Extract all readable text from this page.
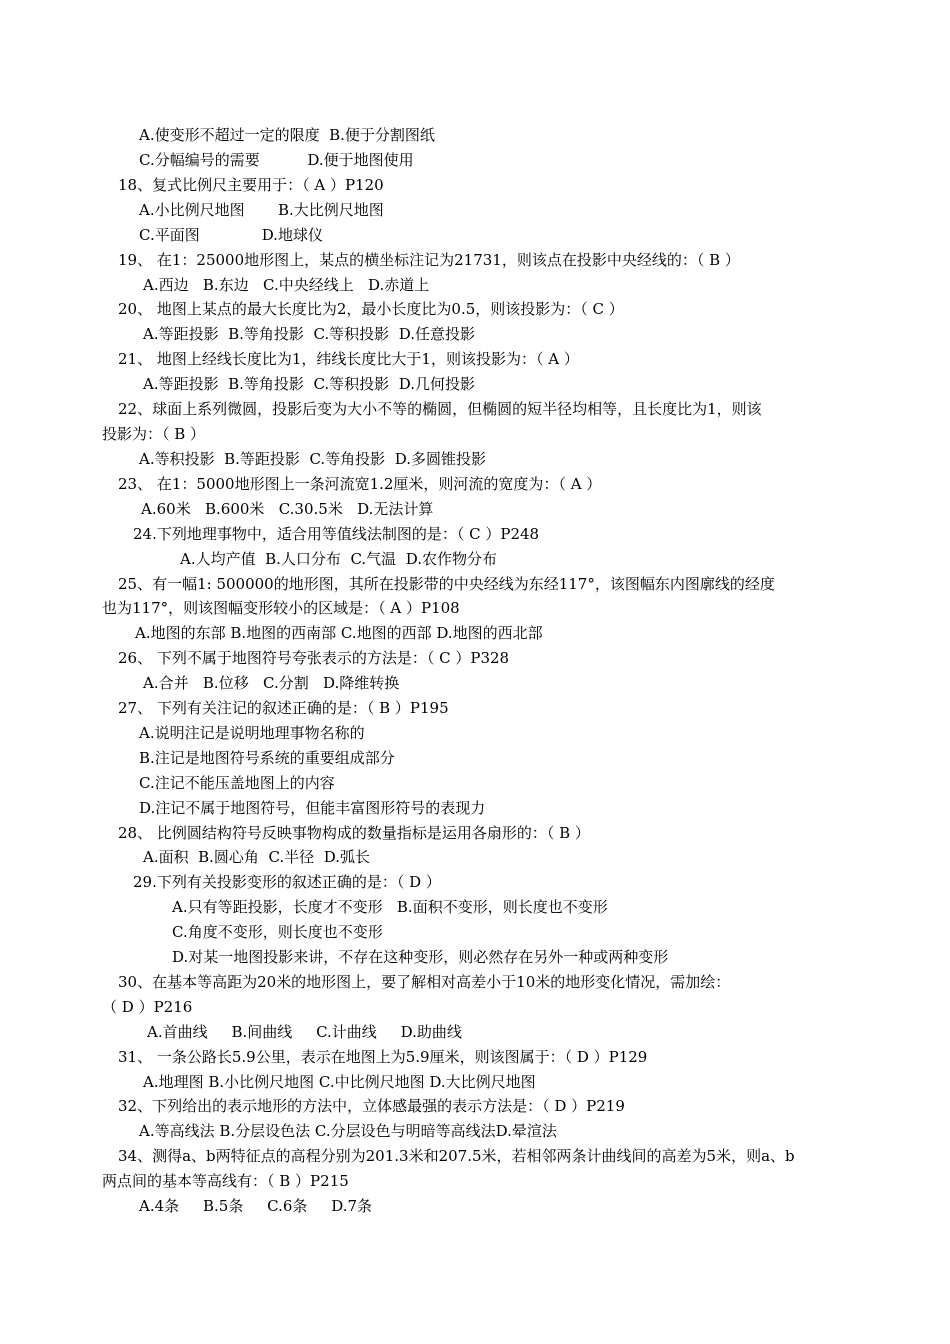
A.使变形不超过一定的限度  B.便于分割图纸
C.分幅编号的需要          D.便于地图使用
18、复式比例尺主要用于：（ A ）P120
A.小比例尺地图       B.大比例尺地图
C.平面图             D.地球仪
19、 在1：25000地形图上，某点的横坐标注记为21731，则该点在投影中央经线的：（ B ）
A.西边   B.东边   C.中央经线上   D.赤道上
20、 地图上某点的最大长度比为2，最小长度比为0.5，则该投影为：（ C ）
A.等距投影  B.等角投影  C.等积投影  D.任意投影
21、 地图上经线长度比为1，纬线长度比大于1，则该投影为：（ A ）
A.等距投影  B.等角投影  C.等积投影  D.几何投影
22、球面上系列微圆，投影后变为大小不等的椭圆，但椭圆的短半径均相等，且长度比为1，则该
投影为：（ B ）
A.等积投影  B.等距投影  C.等角投影  D.多圆锥投影
23、 在1：5000地形图上一条河流宽1.2厘米，则河流的宽度为：（ A ）
A.60米   B.600米   C.30.5米   D.无法计算
24.下列地理事物中，适合用等值线法制图的是：（ C ）P248
A.人均产值  B.人口分布  C.气温  D.农作物分布
25、有一幅1: 500000的地形图，其所在投影带的中央经线为东经117°，该图幅东内图廓线的经度
也为117°，则该图幅变形较小的区域是：（ A ）P108
A.地图的东部 B.地图的西南部 C.地图的西部 D.地图的西北部
26、 下列不属于地图符号夸张表示的方法是：（ C ）P328
A.合并   B.位移   C.分割   D.降维转换
27、 下列有关注记的叙述正确的是：（ B ）P195
A.说明注记是说明地理事物名称的
B.注记是地图符号系统的重要组成部分
C.注记不能压盖地图上的内容
D.注记不属于地图符号，但能丰富图形符号的表现力
28、 比例圆结构符号反映事物构成的数量指标是运用各扇形的：（ B ）
A.面积  B.圆心角  C.半径  D.弧长
29.下列有关投影变形的叙述正确的是：（ D ）
A.只有等距投影，长度才不变形   B.面积不变形，则长度也不变形
C.角度不变形，则长度也不变形
D.对某一地图投影来讲，不存在这种变形，则必然存在另外一种或两种变形
30、在基本等高距为20米的地形图上，要了解相对高差小于10米的地形变化情况，需加绘：
（ D ）P216
A.首曲线     B.间曲线     C.计曲线     D.助曲线
31、 一条公路长5.9公里，表示在地图上为5.9厘米，则该图属于：（ D ）P129
A.地理图 B.小比例尺地图 C.中比例尺地图 D.大比例尺地图
32、下列给出的表示地形的方法中，立体感最强的表示方法是：（ D ）P219
A.等高线法 B.分层设色法 C.分层设色与明暗等高线法D.晕渲法
34、测得a、b两特征点的高程分别为201.3米和207.5米，若相邻两条计曲线间的高差为5米，则a、b
两点间的基本等高线有：（ B ）P215
A.4条     B.5条     C.6条     D.7条
